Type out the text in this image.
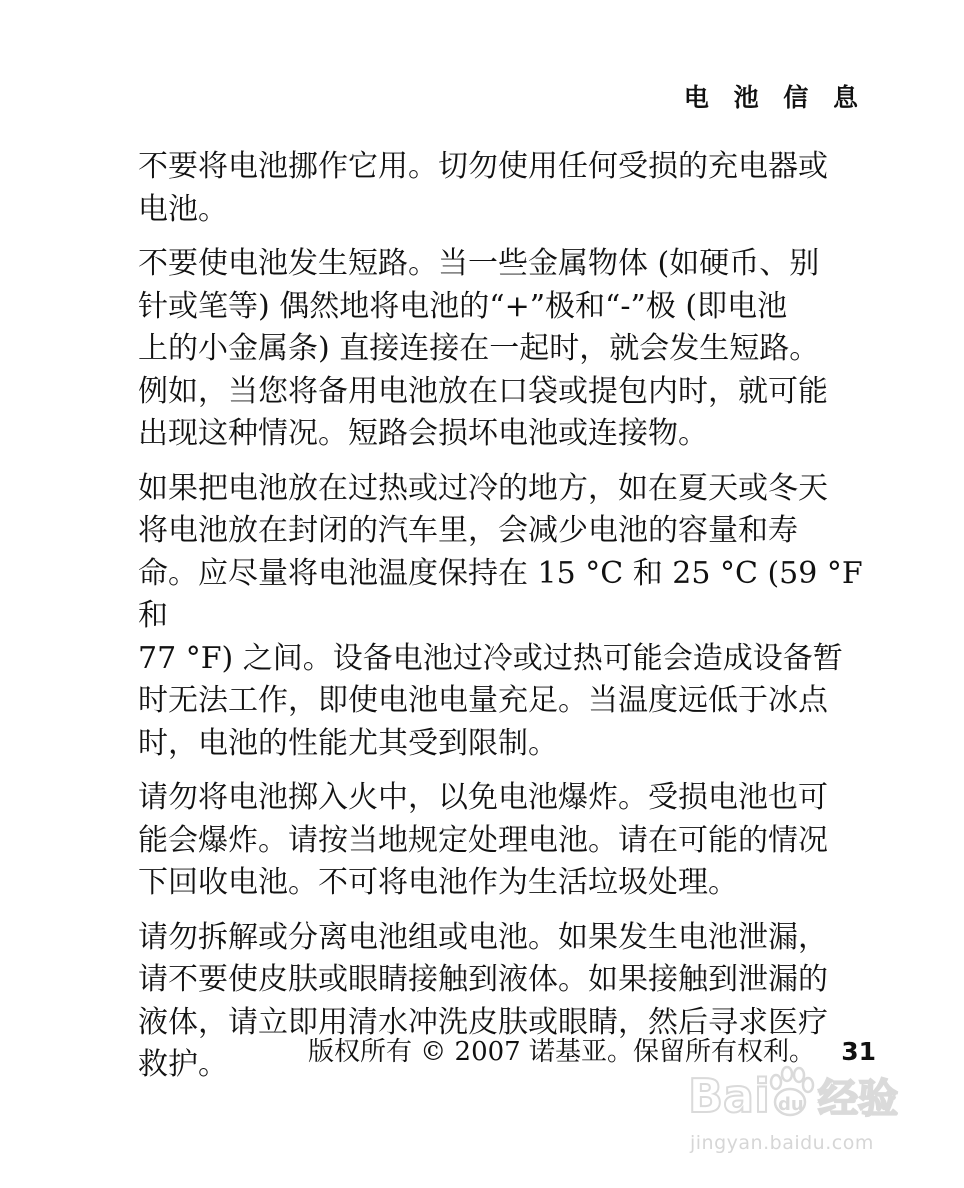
电 池 信 息

不要将电池挪作它用。切勿使用任何受损的充电器或
电池。

不要使电池发生短路。当一些金属物体 (如硬币、别
针或笔等) 偶然地将电池的“+”极和“-”极 (即电池
上的小金属条) 直接连接在一起时，就会发生短路。
例如，当您将备用电池放在口袋或提包内时，就可能
出现这种情况。短路会损坏电池或连接物。

如果把电池放在过热或过冷的地方，如在夏天或冬天
将电池放在封闭的汽车里，会减少电池的容量和寿
命。应尽量将电池温度保持在 15 °C 和 25 °C (59 °F 和
77 °F) 之间。设备电池过冷或过热可能会造成设备暂
时无法工作，即使电池电量充足。当温度远低于冰点
时，电池的性能尤其受到限制。

请勿将电池掷入火中，以免电池爆炸。受损电池也可
能会爆炸。请按当地规定处理电池。请在可能的情况
下回收电池。不可将电池作为生活垃圾处理。

请勿拆解或分离电池组或电池。如果发生电池泄漏，
请不要使皮肤或眼睛接触到液体。如果接触到泄漏的
液体，请立即用清水冲洗皮肤或眼睛，然后寻求医疗
救护。	版权所有 © 2007 诺基亚。保留所有权利。 31
Bai du 经验
jingyan.baidu.com
